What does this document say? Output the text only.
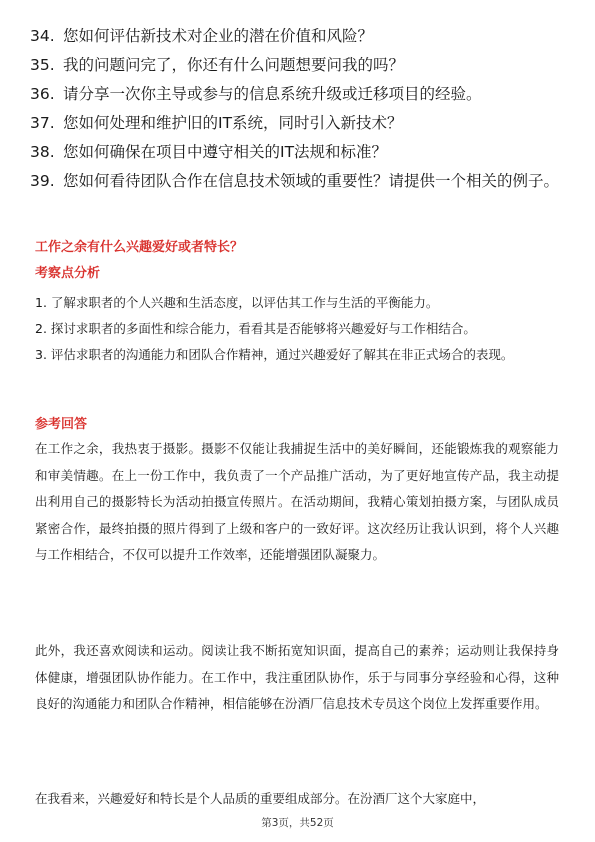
34. 您如何评估新技术对企业的潜在价值和风险？
35. 我的问题问完了，你还有什么问题想要问我的吗？
36. 请分享一次你主导或参与的信息系统升级或迁移项目的经验。
37. 您如何处理和维护旧的IT系统，同时引入新技术？
38. 您如何确保在项目中遵守相关的IT法规和标准？
39. 您如何看待团队合作在信息技术领域的重要性？请提供一个相关的例子。
工作之余有什么兴趣爱好或者特长？
考察点分析

1. 了解求职者的个人兴趣和生活态度，以评估其工作与生活的平衡能力。

2. 探讨求职者的多面性和综合能力，看看其是否能够将兴趣爱好与工作相结合。

3. 评估求职者的沟通能力和团队合作精神，通过兴趣爱好了解其在非正式场合的表现。

参考回答

在工作之余，我热衷于摄影。摄影不仅能让我捕捉生活中的美好瞬间，还能锻炼我的观察能力和审美情趣。在上一份工作中，我负责了一个产品推广活动，为了更好地宣传产品，我主动提出利用自己的摄影特长为活动拍摄宣传照片。在活动期间，我精心策划拍摄方案，与团队成员紧密合作，最终拍摄的照片得到了上级和客户的一致好评。这次经历让我认识到，将个人兴趣与工作相结合，不仅可以提升工作效率，还能增强团队凝聚力。

此外，我还喜欢阅读和运动。阅读让我不断拓宽知识面，提高自己的素养；运动则让我保持身体健康，增强团队协作能力。在工作中，我注重团队协作，乐于与同事分享经验和心得，这种良好的沟通能力和团队合作精神，相信能够在汾酒厂信息技术专员这个岗位上发挥重要作用。

在我看来，兴趣爱好和特长是个人品质的重要组成部分。在汾酒厂这个大家庭中，

第3页，共52页
